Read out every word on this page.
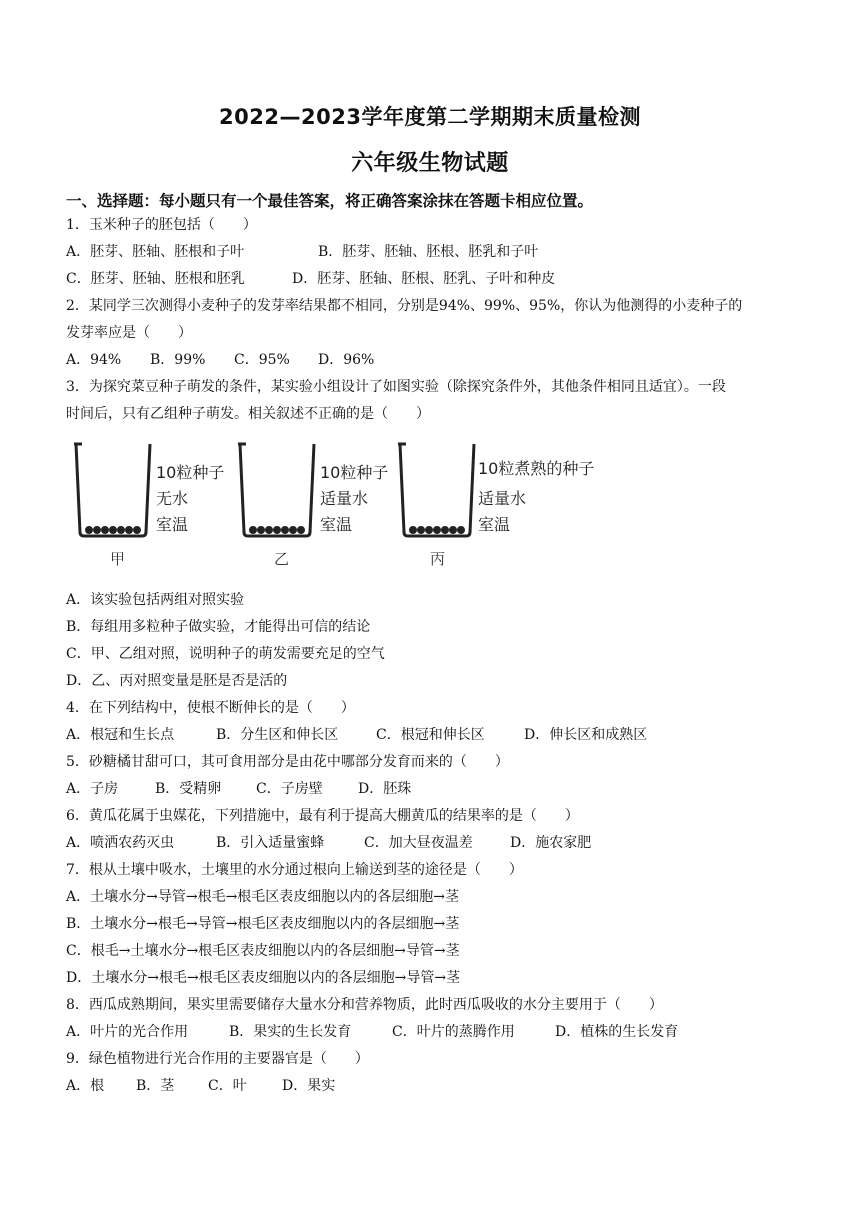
2022—2023学年度第二学期期末质量检测
六年级生物试题
一、选择题：每小题只有一个最佳答案，将正确答案涂抹在答题卡相应位置。
1．玉米种子的胚包括（　　）
A．胚芽、胚轴、胚根和子叶	B．胚芽、胚轴、胚根、胚乳和子叶
C．胚芽、胚轴、胚根和胚乳	D．胚芽、胚轴、胚根、胚乳、子叶和种皮
2．某同学三次测得小麦种子的发芽率结果都不相同，分别是94%、99%、95%，你认为他测得的小麦种子的
发芽率应是（　　）
A．94% B．99% C．95% D．96%
3．为探究菜豆种子萌发的条件，某实验小组设计了如图实验（除探究条件外，其他条件相同且适宜）。一段
时间后，只有乙组种子萌发。相关叙述不正确的是（　　）
10粒种子
无水
室温
甲
10粒种子
适量水
室温
乙
10粒煮熟的种子
适量水
室温
丙
A．该实验包括两组对照实验
B．每组用多粒种子做实验，才能得出可信的结论
C．甲、乙组对照，说明种子的萌发需要充足的空气
D．乙、丙对照变量是胚是否是活的
4．在下列结构中，使根不断伸长的是（　　）
A．根冠和生长点	B．分生区和伸长区	C．根冠和伸长区	D．伸长区和成熟区
5．砂糖橘甘甜可口，其可食用部分是由花中哪部分发育而来的（　　）
A．子房	B．受精卵 C．子房壁	D．胚珠
6．黄瓜花属于虫媒花，下列措施中，最有利于提高大棚黄瓜的结果率的是（　　）
A．喷洒农药灭虫	B．引入适量蜜蜂	C．加大昼夜温差	D．施农家肥
7．根从土壤中吸水，土壤里的水分通过根向上输送到茎的途径是（　　）
A．土壤水分→导管→根毛→根毛区表皮细胞以内的各层细胞→茎
B．土壤水分→根毛→导管→根毛区表皮细胞以内的各层细胞→茎
C．根毛→土壤水分→根毛区表皮细胞以内的各层细胞→导管→茎
D．土壤水分→根毛→根毛区表皮细胞以内的各层细胞→导管→茎
8．西瓜成熟期间，果实里需要储存大量水分和营养物质，此时西瓜吸收的水分主要用于（　　）
A．叶片的光合作用	B．果实的生长发育	C．叶片的蒸腾作用	D．植株的生长发育
9．绿色植物进行光合作用的主要器官是（　　）
A．根 B．茎 C．叶	D．果实
